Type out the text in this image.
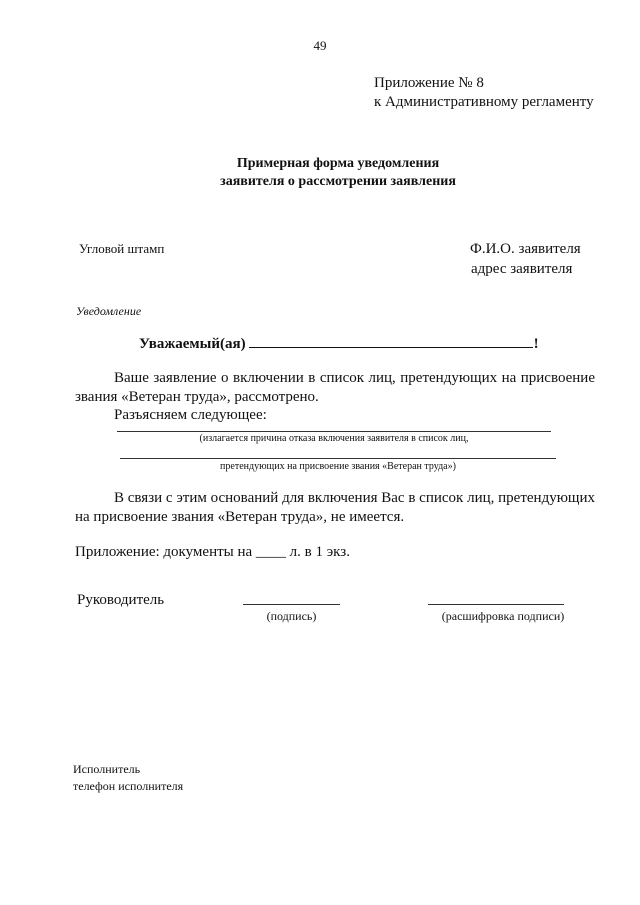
49
Приложение № 8
к Административному регламенту
Примерная форма уведомления
заявителя о рассмотрении заявления
Угловой штамп	Ф.И.О. заявителя
адрес заявителя
Уведомление
Уважаемый(ая)	!
Ваше заявление о включении в список лиц, претендующих на присвоение звания «Ветеран труда», рассмотрено.
Разъясняем следующее:
(излагается причина отказа включения заявителя в список лиц,
претендующих на присвоение звания «Ветеран труда»)
В связи с этим оснований для включения Вас в список лиц, претендующих на присвоение звания «Ветеран труда», не имеется.
Приложение: документы на ____ л. в 1 экз.
Руководитель
(подпись)	(расшифровка подписи)
Исполнитель
телефон исполнителя
